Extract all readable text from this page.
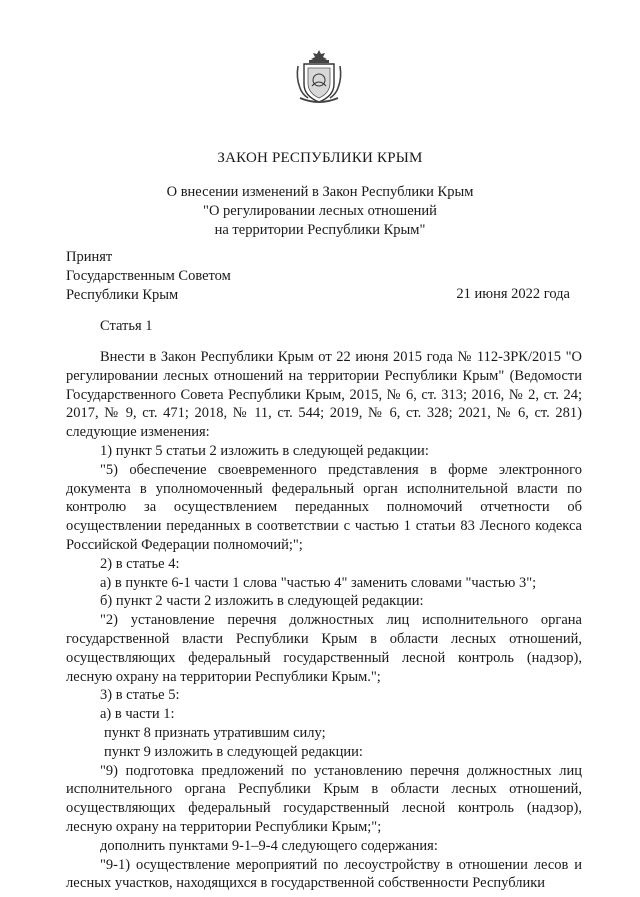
ЗАКОН РЕСПУБЛИКИ КРЫМ
О внесении изменений в Закон Республики Крым
"О регулировании лесных отношений
на территории Республики Крым"
Принят
Государственным Советом
Республики Крым	21 июня 2022 года
Статья 1

Внести в Закон Республики Крым от 22 июня 2015 года № 112-ЗРК/2015 "О регулировании лесных отношений на территории Республики Крым" (Ведомости Государственного Совета Республики Крым, 2015, № 6, ст. 313; 2016, № 2, ст. 24; 2017, № 9, ст. 471; 2018, № 11, ст. 544; 2019, № 6, ст. 328; 2021, № 6, ст. 281) следующие изменения:

1) пункт 5 статьи 2 изложить в следующей редакции:

"5) обеспечение своевременного представления в форме электронного документа в уполномоченный федеральный орган исполнительной власти по контролю за осуществлением переданных полномочий отчетности об осуществлении переданных в соответствии с частью 1 статьи 83 Лесного кодекса Российской Федерации полномочий;";

2) в статье 4:

а) в пункте 6-1 части 1 слова "частью 4" заменить словами "частью 3";

б) пункт 2 части 2 изложить в следующей редакции:

"2) установление перечня должностных лиц исполнительного органа государственной власти Республики Крым в области лесных отношений, осуществляющих федеральный государственный лесной контроль (надзор), лесную охрану на территории Республики Крым.";

3) в статье 5:

а) в части 1:

пункт 8 признать утратившим силу;

пункт 9 изложить в следующей редакции:

"9) подготовка предложений по установлению перечня должностных лиц исполнительного органа Республики Крым в области лесных отношений, осуществляющих федеральный государственный лесной контроль (надзор), лесную охрану на территории Республики Крым;";

дополнить пунктами 9-1–9-4 следующего содержания:

"9-1) осуществление мероприятий по лесоустройству в отношении лесов и лесных участков, находящихся в государственной собственности Республики
